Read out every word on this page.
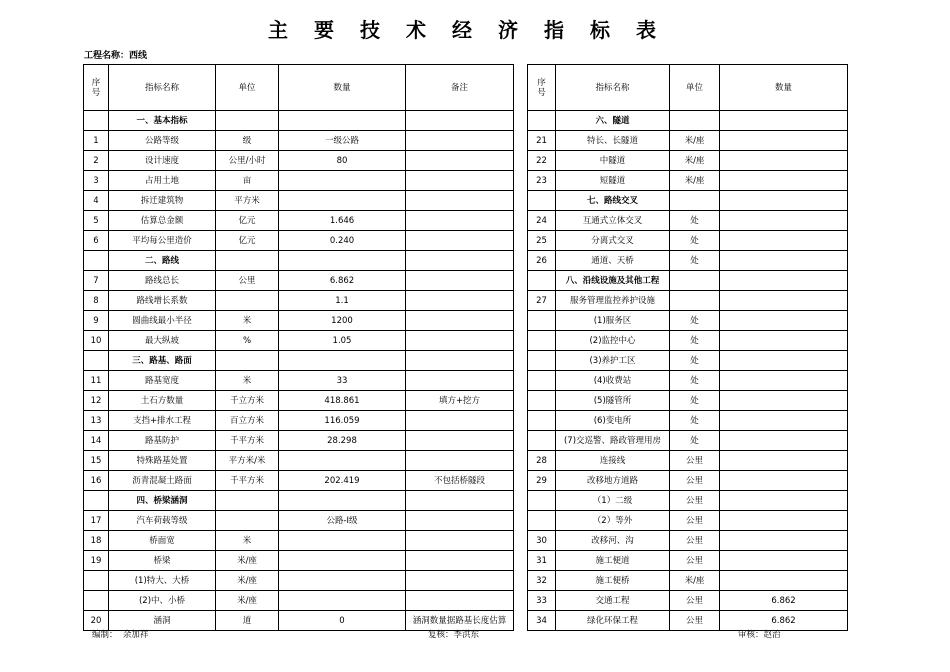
主要技术经济指标表
工程名称：西线
序号	指标名称	单位	数量	备注
	一、基本指标			
1	公路等级	级	一级公路	
2	设计速度	公里/小时	80	
3	占用土地	亩		
4	拆迁建筑物	平方米		
5	估算总金额	亿元	1.646	
6	平均每公里造价	亿元	0.240	
	二、路线			
7	路线总长	公里	6.862	
8	路线增长系数		1.1	
9	圆曲线最小半径	米	1200	
10	最大纵坡	%	1.05	
	三、路基、路面			
11	路基宽度	米	33	
12	土石方数量	千立方米	418.861	填方+挖方
13	支挡+排水工程	百立方米	116.059	
14	路基防护	千平方米	28.298	
15	特殊路基处置	平方米/米		
16	沥青混凝土路面	千平方米	202.419	不包括桥隧段
	四、桥梁涵洞			
17	汽车荷载等级		公路-Ⅰ级	
18	桥面宽	米		
19	桥梁	米/座		
	(1)特大、大桥	米/座		
	(2)中、小桥	米/座		
20	涵洞	道	0	涵洞数量据路基长度估算
序号	指标名称	单位	数量
	六、隧道		
21	特长、长隧道	米/座	
22	中隧道	米/座	
23	短隧道	米/座	
	七、路线交叉		
24	互通式立体交叉	处	
25	分离式交叉	处	
26	通道、天桥	处	
	八、沿线设施及其他工程		
27	服务管理监控养护设施		
	(1)服务区	处	
	(2)监控中心	处	
	(3)养护工区	处	
	(4)收费站	处	
	(5)隧管所	处	
	(6)变电所	处	
	(7)交巡警、路政管理用房	处	
28	连接线	公里	
29	改移地方道路	公里	
	（1）二级	公里	
	（2）等外	公里	
30	改移河、沟	公里	
31	施工便道	公里	
32	施工便桥	米/座	
33	交通工程	公里	6.862
34	绿化环保工程	公里	6.862
编制： 余加祥	复核：李洪东	审核：赵治
